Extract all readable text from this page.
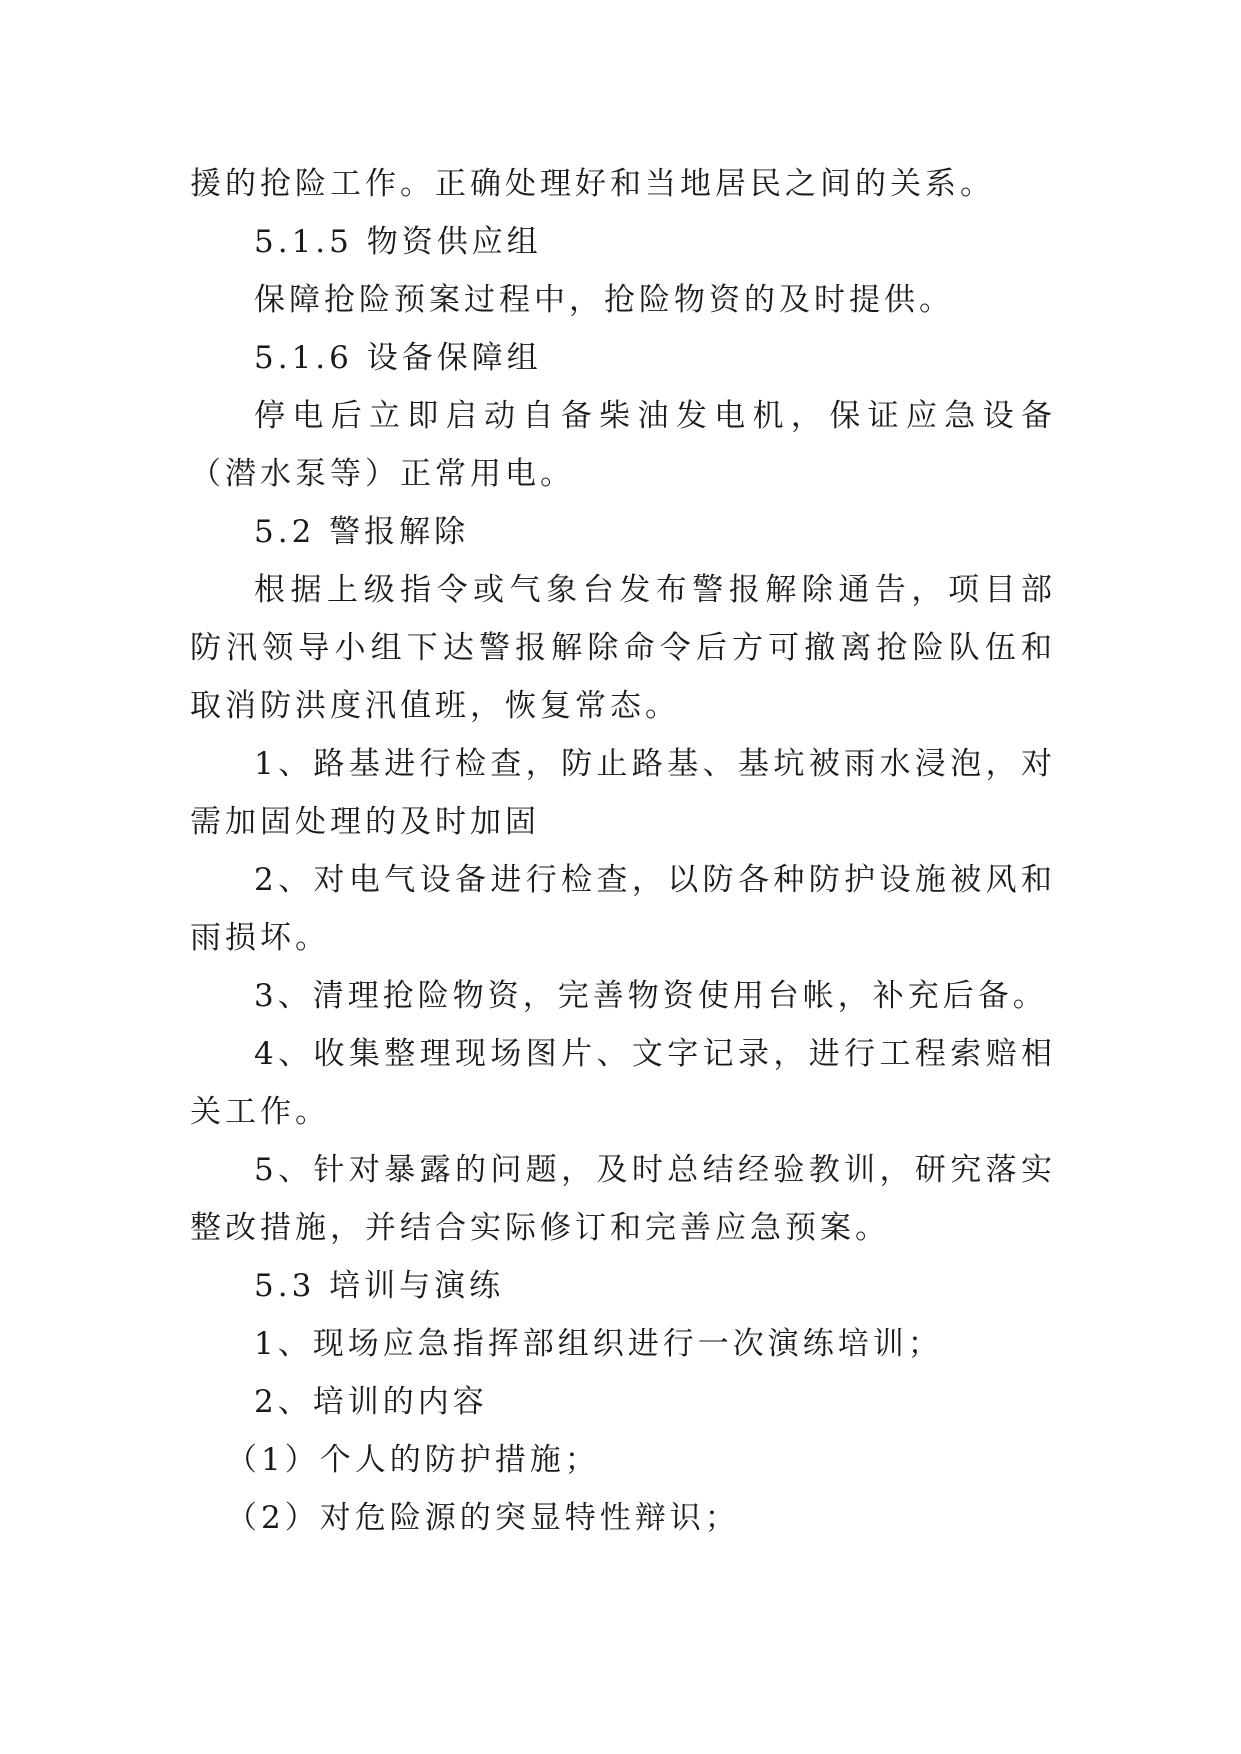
援的抢险工作。正确处理好和当地居民之间的关系。

5.1.5 物资供应组

保障抢险预案过程中，抢险物资的及时提供。

5.1.6 设备保障组

停电后立即启动自备柴油发电机，保证应急设备（潜水泵等）正常用电。

5.2 警报解除

根据上级指令或气象台发布警报解除通告，项目部防汛领导小组下达警报解除命令后方可撤离抢险队伍和取消防洪度汛值班，恢复常态。

1、路基进行检查，防止路基、基坑被雨水浸泡，对需加固处理的及时加固

2、对电气设备进行检查，以防各种防护设施被风和雨损坏。

3、清理抢险物资，完善物资使用台帐，补充后备。

4、收集整理现场图片、文字记录，进行工程索赔相关工作。

5、针对暴露的问题，及时总结经验教训，研究落实整改措施，并结合实际修订和完善应急预案。

5.3 培训与演练

1、现场应急指挥部组织进行一次演练培训；

2、培训的内容

（1）个人的防护措施；

（2）对危险源的突显特性辩识；
